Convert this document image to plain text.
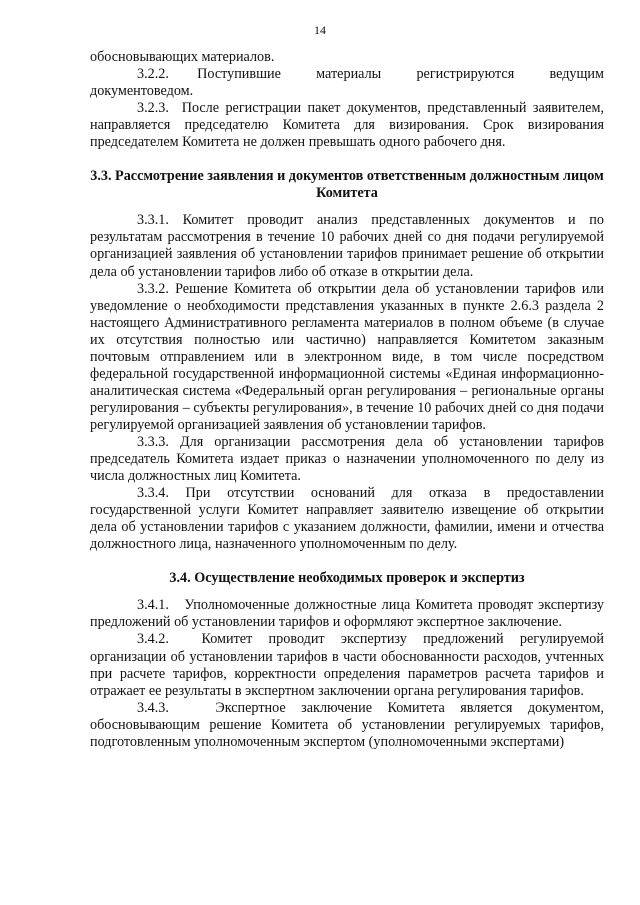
14

обосновывающих материалов.

3.2.2.    Поступившие     материалы     регистрируются     ведущим документоведом.

3.2.3.  После регистрации пакет документов, представленный заявителем, направляется председателю Комитета для визирования. Срок визирования председателем Комитета не должен превышать одного рабочего дня.

3.3. Рассмотрение заявления и документов ответственным должностным лицом Комитета

3.3.1. Комитет проводит анализ представленных документов и по результатам рассмотрения в течение 10 рабочих дней со дня подачи регулируемой организацией заявления об установлении тарифов принимает решение об открытии дела об установлении тарифов либо об отказе в открытии дела.

3.3.2. Решение Комитета об открытии дела об установлении тарифов или уведомление о необходимости представления указанных в пункте 2.6.3 раздела 2 настоящего Административного регламента материалов в полном объеме (в случае их отсутствия полностью или частично) направляется Комитетом заказным почтовым отправлением или в электронном виде, в том числе посредством федеральной государственной информационной системы «Единая информационно-аналитическая система «Федеральный орган регулирования – региональные органы регулирования – субъекты регулирования», в течение 10 рабочих дней со дня подачи регулируемой организацией заявления об установлении тарифов.

3.3.3. Для организации рассмотрения дела об установлении тарифов председатель Комитета издает приказ о назначении уполномоченного по делу из числа должностных лиц Комитета.

3.3.4. При отсутствии оснований для отказа в предоставлении государственной услуги Комитет направляет заявителю извещение об открытии дела об установлении тарифов с указанием должности, фамилии, имени и отчества должностного лица, назначенного уполномоченным по делу.

3.4. Осуществление необходимых проверок и экспертиз

3.4.1.   Уполномоченные должностные лица Комитета проводят экспертизу предложений об установлении тарифов и оформляют экспертное заключение.

3.4.2.  Комитет проводит экспертизу предложений регулируемой организации об установлении тарифов в части обоснованности расходов, учтенных при расчете тарифов, корректности определения параметров расчета тарифов и отражает ее результаты в экспертном заключении органа регулирования тарифов.

3.4.3.   Экспертное заключение Комитета является документом, обосновывающим решение Комитета об установлении регулируемых тарифов, подготовленным уполномоченным экспертом (уполномоченными экспертами)
